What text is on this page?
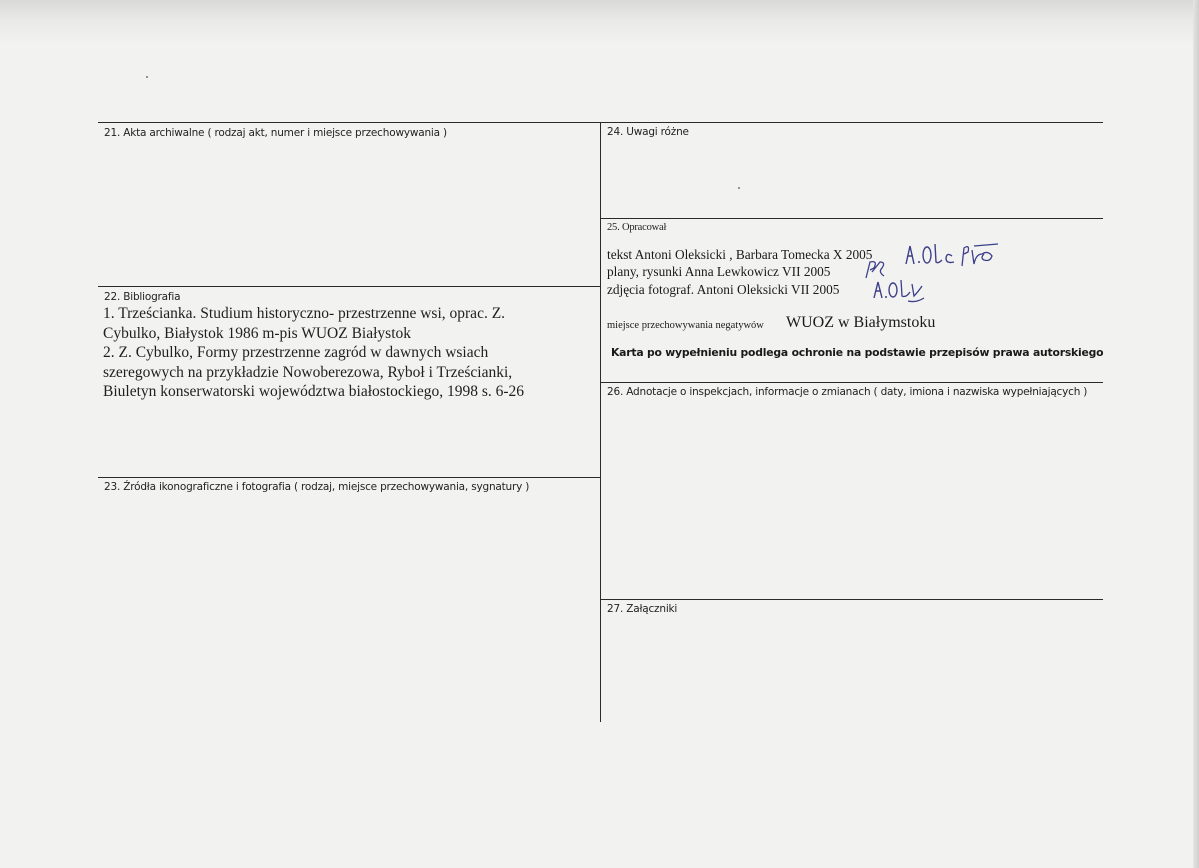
21. Akta archiwalne ( rodzaj akt, numer i miejsce przechowywania )
22. Bibliografia
1. Trześcianka. Studium historyczno- przestrzenne wsi, oprac. Z.
Cybulko, Białystok 1986 m-pis WUOZ Białystok
2. Z. Cybulko, Formy przestrzenne zagród w dawnych wsiach
szeregowych na przykładzie Nowoberezowa, Ryboł i Trześcianki,
Biuletyn konserwatorski województwa białostockiego, 1998 s. 6-26
23. Źródła ikonograficzne i fotografia ( rodzaj, miejsce przechowywania, sygnatury )
24. Uwagi różne
25. Opracował
tekst Antoni Oleksicki , Barbara Tomecka X 2005
plany, rysunki Anna Lewkowicz VII 2005
zdjęcia fotograf. Antoni Oleksicki VII 2005
miejsce przechowywania negatywów WUOZ w Białymstoku
Karta po wypełnieniu podlega ochronie na podstawie przepisów prawa autorskiego
26. Adnotacje o inspekcjach, informacje o zmianach ( daty, imiona i nazwiska wypełniających )
27. Załączniki
